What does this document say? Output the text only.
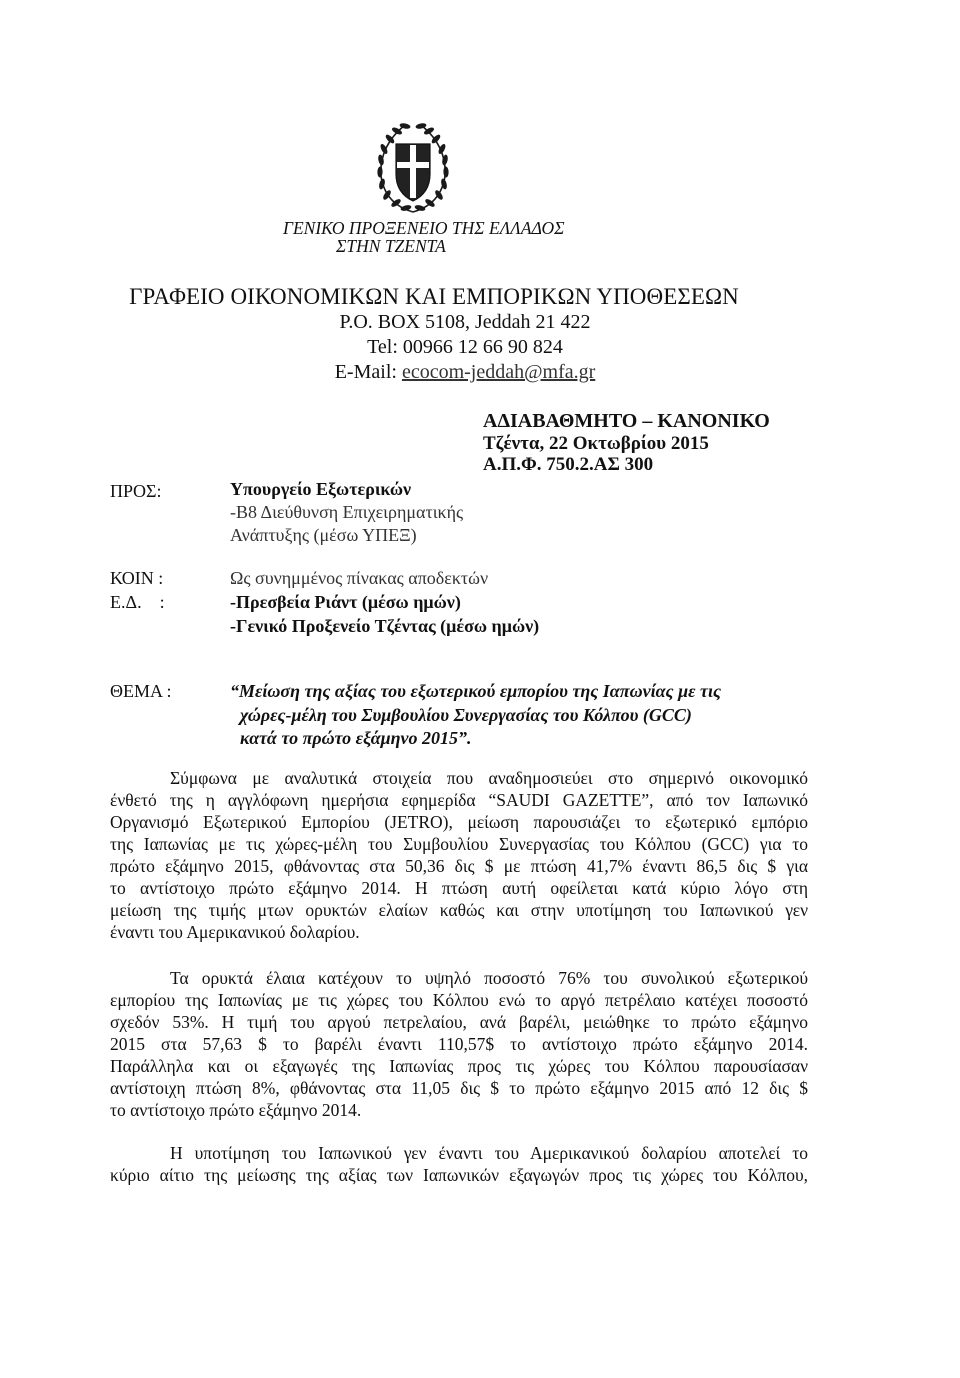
ΓΕΝΙΚΟ ΠΡΟΞΕΝΕΙΟ ΤΗΣ ΕΛΛΑΔΟΣ
ΣΤΗΝ ΤΖΕΝΤΑ
ΓΡΑΦΕΙΟ ΟΙΚΟΝΟΜΙΚΩΝ ΚΑΙ ΕΜΠΟΡΙΚΩΝ ΥΠΟΘΕΣΕΩΝ
P.O. BOX 5108, Jeddah 21 422
Tel: 00966 12 66 90 824
E-Mail: ecocom-jeddah@mfa.gr
ΑΔΙΑΒΑΘΜΗΤΟ – ΚΑΝΟΝΙΚΟ
Τζέντα, 22 Οκτωβρίου 2015
Α.Π.Φ. 750.2.ΑΣ 300
ΠΡΟΣ:	Υπουργείο Εξωτερικών
-Β8 Διεύθυνση Επιχειρηματικής
Ανάπτυξης (μέσω ΥΠΕΞ)
ΚΟΙΝ :
Ε.Δ.    :
Ως συνημμένος πίνακας αποδεκτών
-Πρεσβεία Ριάντ (μέσω ημών)
-Γενικό Προξενείο Τζέντας (μέσω ημών)
ΘΕΜΑ :	“Μείωση της αξίας του εξωτερικού εμπορίου της Ιαπωνίας με τις
χώρες-μέλη του Συμβουλίου Συνεργασίας του Κόλπου (GCC)
κατά το πρώτο εξάμηνο 2015”.
Σύμφωνα με αναλυτικά στοιχεία που αναδημοσιεύει στο σημερινό οικονομικό
ένθετό της η αγγλόφωνη ημερήσια εφημερίδα “SAUDI GAZETTE”, από τον Ιαπωνικό
Οργανισμό Εξωτερικού Εμπορίου (JETRO), μείωση παρουσιάζει το εξωτερικό εμπόριο
της Ιαπωνίας με τις χώρες-μέλη του Συμβουλίου Συνεργασίας του Κόλπου (GCC) για το
πρώτο εξάμηνο 2015, φθάνοντας στα 50,36 δις $ με πτώση 41,7% έναντι 86,5 δις $ για
το αντίστοιχο πρώτο εξάμηνο 2014. Η πτώση αυτή οφείλεται κατά κύριο λόγο στη
μείωση της τιμής μτων ορυκτών ελαίων καθώς και στην υποτίμηση του Ιαπωνικού γεν
έναντι του Αμερικανικού δολαρίου.
Τα ορυκτά έλαια κατέχουν το υψηλό ποσοστό 76% του συνολικού εξωτερικού
εμπορίου της Ιαπωνίας με τις χώρες του Κόλπου ενώ το αργό πετρέλαιο κατέχει ποσοστό
σχεδόν 53%. Η τιμή του αργού πετρελαίου, ανά βαρέλι, μειώθηκε το πρώτο εξάμηνο
2015 στα 57,63 $ το βαρέλι έναντι 110,57$ το αντίστοιχο πρώτο εξάμηνο 2014.
Παράλληλα και οι εξαγωγές της Ιαπωνίας προς τις χώρες του Κόλπου παρουσίασαν
αντίστοιχη πτώση 8%, φθάνοντας στα 11,05 δις $ το πρώτο εξάμηνο 2015 από 12 δις $
το αντίστοιχο πρώτο εξάμηνο 2014.
Η υποτίμηση του Ιαπωνικού γεν έναντι του Αμερικανικού δολαρίου αποτελεί το
κύριο αίτιο της μείωσης της αξίας των Ιαπωνικών εξαγωγών προς τις χώρες του Κόλπου,
